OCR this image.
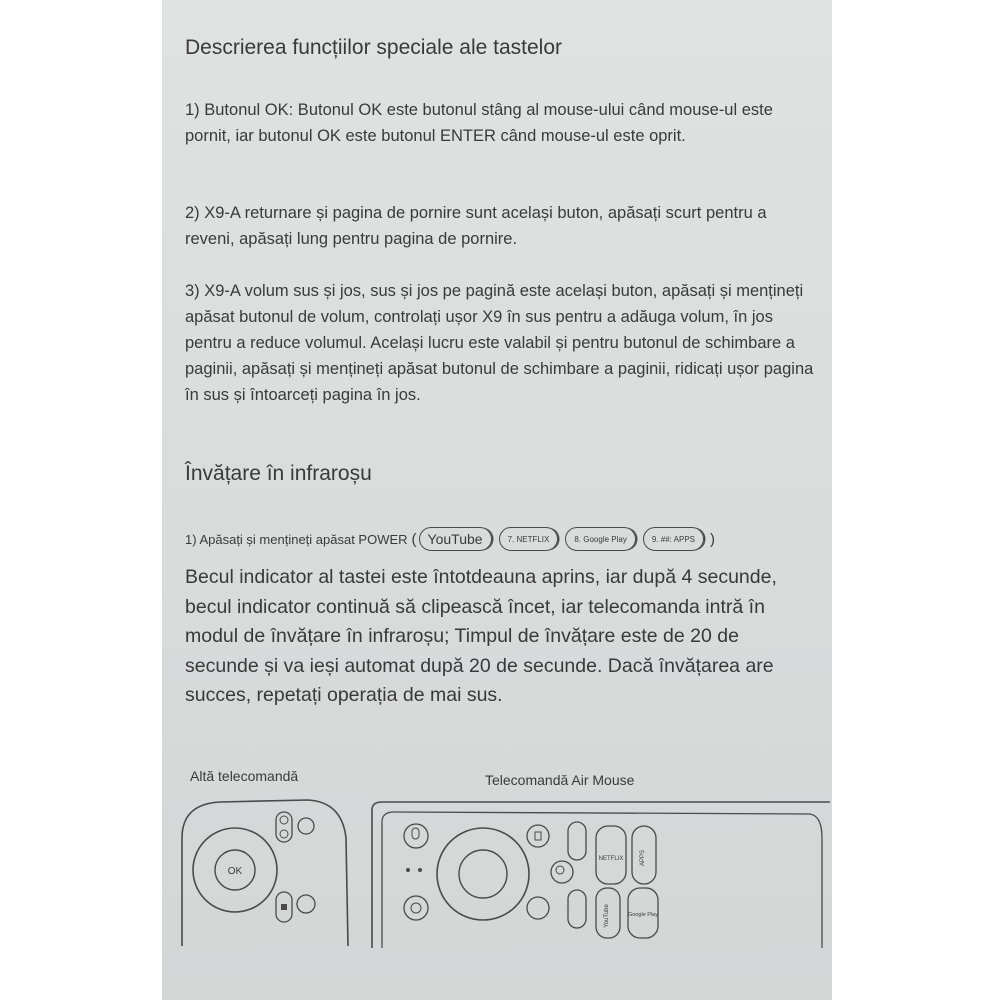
Descrierea funcțiilor speciale ale tastelor
1) Butonul OK: Butonul OK este butonul stâng al mouse-ului când mouse-ul este pornit, iar butonul OK este butonul ENTER când mouse-ul este oprit.
2) X9-A returnare și pagina de pornire sunt același buton, apăsați scurt pentru a reveni, apăsați lung pentru pagina de pornire.
3) X9-A volum sus și jos, sus și jos pe pagină este același buton, apăsați și mențineți apăsat butonul de volum, controlați ușor X9 în sus pentru a adăuga volum, în jos pentru a reduce volumul. Același lucru este valabil și pentru butonul de schimbare a paginii, apăsați și mențineți apăsat butonul de schimbare a paginii, ridicați ușor pagina în sus și întoarceți pagina în jos.
Învățare în infraroșu
1) Apăsați și mențineți apăsat POWER ( YouTube	7. NETFLIX	8. Google Play	9. ##: APPS	)
Becul indicator al tastei este întotdeauna aprins, iar după 4 secunde, becul indicator continuă să clipească încet, iar telecomanda intră în modul de învățare în infraroșu; Timpul de învățare este de 20 de secunde și va ieși automat după 20 de secunde. Dacă învățarea are succes, repetați operația de mai sus.
Altă telecomandă	Telecomandă Air Mouse
OK
NETFLIX	APPS
YouTube	Google Play
